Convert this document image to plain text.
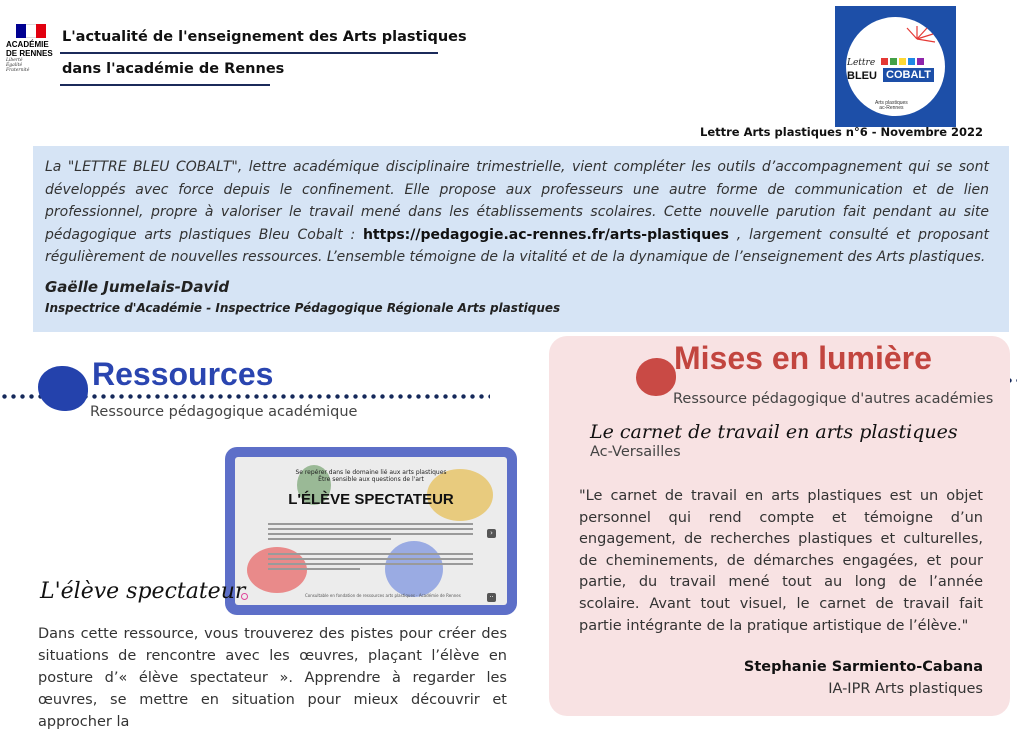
ACADÉMIE
DE RENNES
Liberté
Égalité
Fraternité
L'actualité de l'enseignement des Arts plastiques
dans l'académie de Rennes	Lettre
BLEU COBALT
Arts plastiques
ac-Rennes
Lettre Arts plastiques n°6 - Novembre 2022

La "LETTRE BLEU COBALT", lettre académique disciplinaire trimestrielle, vient compléter les outils d’accompagnement qui se sont développés avec force depuis le confinement. Elle propose aux professeurs une autre forme de communication et de lien professionnel, propre à valoriser le travail mené dans les établissements scolaires. Cette nouvelle parution fait pendant au site pédagogique arts plastiques Bleu Cobalt : https://pedagogie.ac-rennes.fr/arts-plastiques , largement consulté et proposant régulièrement de nouvelles ressources. L’ensemble témoigne de la vitalité et de la dynamique de l’enseignement des Arts plastiques.

Gaëlle Jumelais-David
Inspectrice d'Académie - Inspectrice Pédagogique Régionale Arts plastiques
Ressources
Ressource pédagogique académique
Se repérer dans le domaine lié aux arts plastiques
Être sensible aux questions de l'art
L'ÉLÈVE SPECTATEUR
›
··
Consultable en fondation de ressources arts plastiques · Académie de Rennes
L'élève spectateur
Dans cette ressource, vous trouverez des pistes pour créer des situations de rencontre avec les œuvres, plaçant l’élève en posture d’« élève spectateur ». Apprendre à regarder les œuvres, se mettre en situation pour mieux découvrir et approcher la
Mises en lumière
Ressource pédagogique d'autres académies
Le carnet de travail en arts plastiques
Ac-Versailles
"Le carnet de travail en arts plastiques est un objet personnel qui rend compte et témoigne d’un engagement, de recherches plastiques et culturelles, de cheminements, de démarches engagées, et pour partie, du travail mené tout au long de l’année scolaire. Avant tout visuel, le carnet de travail fait partie intégrante de la pratique artistique de l’élève."
Stephanie Sarmiento-Cabana
IA-IPR Arts plastiques
